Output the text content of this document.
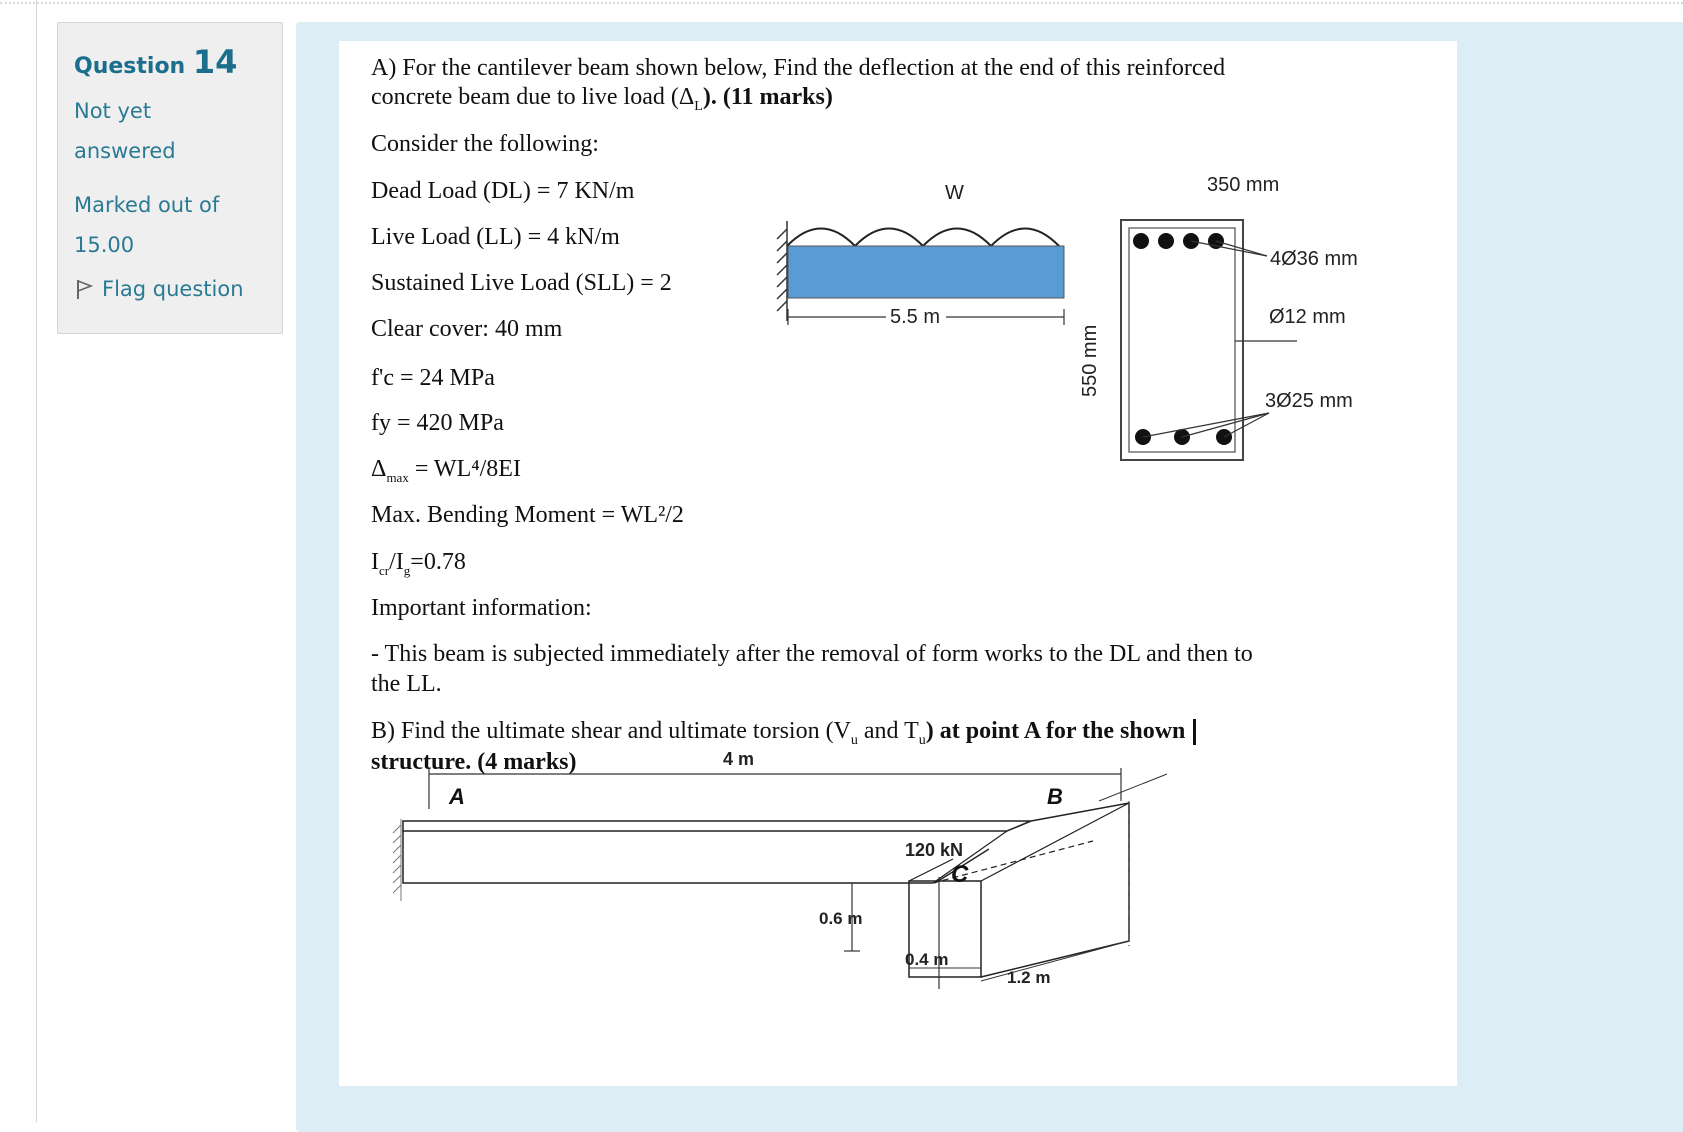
Question 14
Not yet
answered
Marked out of
15.00
Flag question
A) For the cantilever beam shown below, Find the deflection at the end of this reinforced
concrete beam due to live load $(\Delta_L)$. (11 marks)
Consider the following:
Dead Load (DL) = 7 KN/m
Live Load (LL) = 4 kN/m
Sustained Live Load (SLL) = 2
Clear cover: 40 mm
f'c = 24 MPa
fy = 420 MPa
$\Delta_{max} = WL^4/8EI$
Max. Bending Moment = WL²/2
$I_{cr}/I_g=0.78$
Important information:
- This beam is subjected immediately after the removal of form works to the DL and then to
the LL.
B) Find the ultimate shear and ultimate torsion ($V_u$ and $T_u$) at point A for the shown
structure. (4 marks)
W
5.5 m
350 mm
550 mm
4Ø36 mm
Ø12 mm
3Ø25 mm
4 m
A	B
120 kN
C
0.6 m
0.4 m
1.2 m
